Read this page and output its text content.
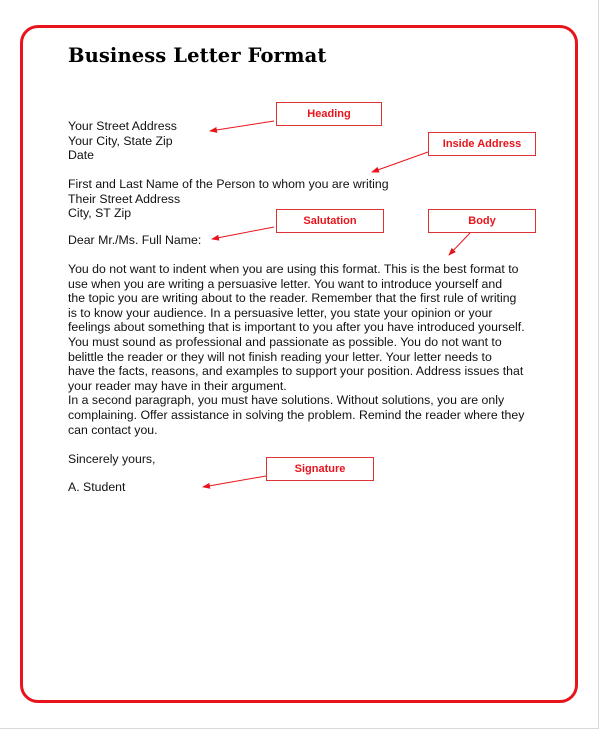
Business Letter Format
Your Street Address
Your City, State Zip
Date
First and Last Name of the Person to whom you are writing
Their Street Address
City, ST Zip
Dear Mr./Ms. Full Name:
You do not want to indent when you are using this format. This is the best format to
use when you are writing a persuasive letter. You want to introduce yourself and
the topic you are writing about to the reader. Remember that the first rule of writing
is to know your audience. In a persuasive letter, you state your opinion or your
feelings about something that is important to you after you have introduced yourself.
You must sound as professional and passionate as possible. You do not want to
belittle the reader or they will not finish reading your letter. Your letter needs to
have the facts, reasons, and examples to support your position. Address issues that
your reader may have in their argument.
In a second paragraph, you must have solutions. Without solutions, you are only
complaining. Offer assistance in solving the problem. Remind the reader where they
can contact you.
Sincerely yours,
A. Student
Heading
Inside Address
Salutation	Body
Signature
